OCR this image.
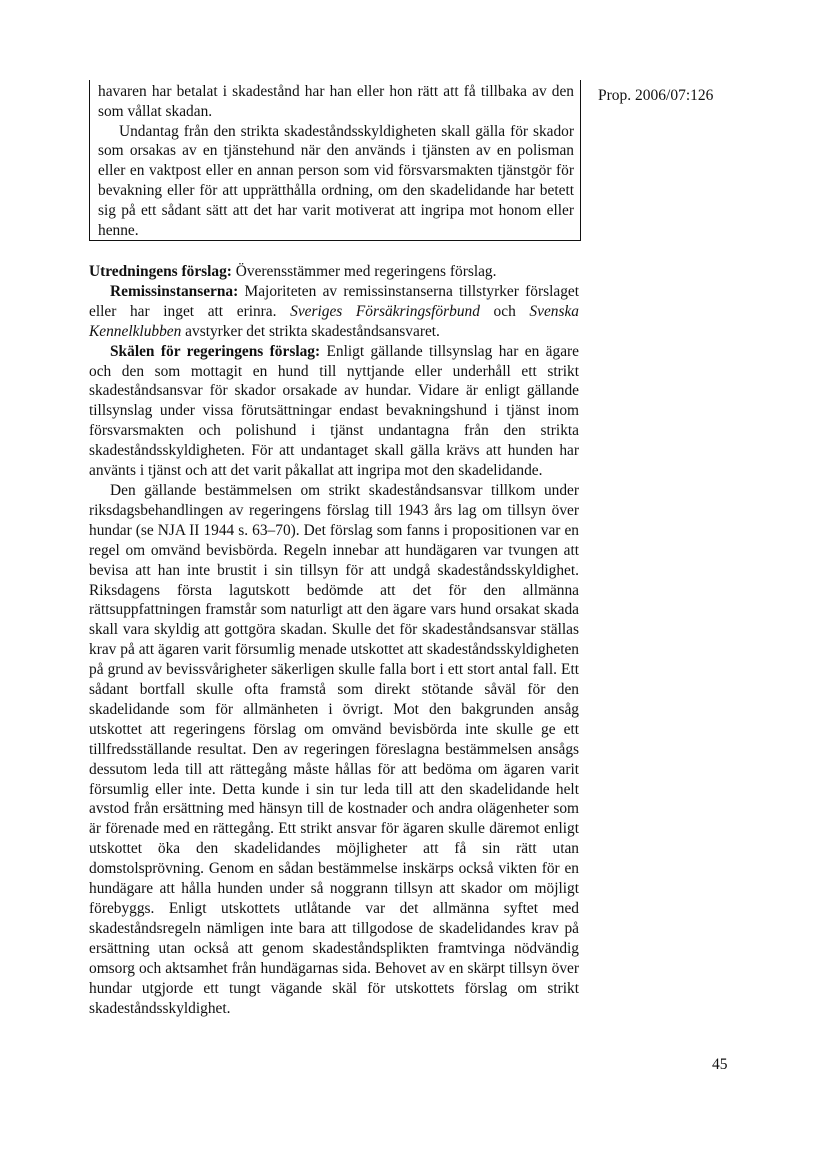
Prop. 2006/07:126

havaren har betalat i skadestånd har han eller hon rätt att få tillbaka av den som vållat skadan.

Undantag från den strikta skadeståndsskyldigheten skall gälla för skador som orsakas av en tjänstehund när den används i tjänsten av en polisman eller en vaktpost eller en annan person som vid försvarsmakten tjänstgör för bevakning eller för att upprätthålla ordning, om den skadelidande har betett sig på ett sådant sätt att det har varit motiverat att ingripa mot honom eller henne.

Utredningens förslag: Överensstämmer med regeringens förslag.

Remissinstanserna: Majoriteten av remissinstanserna tillstyrker förslaget eller har inget att erinra. Sveriges Försäkringsförbund och Svenska Kennelklubben avstyrker det strikta skadeståndsansvaret.

Skälen för regeringens förslag: Enligt gällande tillsynslag har en ägare och den som mottagit en hund till nyttjande eller underhåll ett strikt skadeståndsansvar för skador orsakade av hundar. Vidare är enligt gällande tillsynslag under vissa förutsättningar endast bevakningshund i tjänst inom försvarsmakten och polishund i tjänst undantagna från den strikta skadeståndsskyldigheten. För att undantaget skall gälla krävs att hunden har använts i tjänst och att det varit påkallat att ingripa mot den skadelidande.

Den gällande bestämmelsen om strikt skadeståndsansvar tillkom under riksdagsbehandlingen av regeringens förslag till 1943 års lag om tillsyn över hundar (se NJA II 1944 s. 63–70). Det förslag som fanns i propositionen var en regel om omvänd bevisbörda. Regeln innebar att hundägaren var tvungen att bevisa att han inte brustit i sin tillsyn för att undgå skadeståndsskyldighet. Riksdagens första lagutskott bedömde att det för den allmänna rättsuppfattningen framstår som naturligt att den ägare vars hund orsakat skada skall vara skyldig att gottgöra skadan. Skulle det för skadeståndsansvar ställas krav på att ägaren varit försumlig menade utskottet att skadeståndsskyldigheten på grund av bevissvårigheter säkerligen skulle falla bort i ett stort antal fall. Ett sådant bortfall skulle ofta framstå som direkt stötande såväl för den skadelidande som för allmänheten i övrigt. Mot den bakgrunden ansåg utskottet att regeringens förslag om omvänd bevisbörda inte skulle ge ett tillfredsställande resultat. Den av regeringen föreslagna bestämmelsen ansågs dessutom leda till att rättegång måste hållas för att bedöma om ägaren varit försumlig eller inte. Detta kunde i sin tur leda till att den skadelidande helt avstod från ersättning med hänsyn till de kostnader och andra olägenheter som är förenade med en rättegång. Ett strikt ansvar för ägaren skulle däremot enligt utskottet öka den skadelidandes möjligheter att få sin rätt utan domstolsprövning. Genom en sådan bestämmelse inskärps också vikten för en hundägare att hålla hunden under så noggrann tillsyn att skador om möjligt förebyggs. Enligt utskottets utlåtande var det allmänna syftet med skadeståndsregeln nämligen inte bara att tillgodose de skadelidandes krav på ersättning utan också att genom skadeståndsplikten framtvinga nödvändig omsorg och aktsamhet från hundägarnas sida. Behovet av en skärpt tillsyn över hundar utgjorde ett tungt vägande skäl för utskottets förslag om strikt skadeståndsskyldighet.

45
